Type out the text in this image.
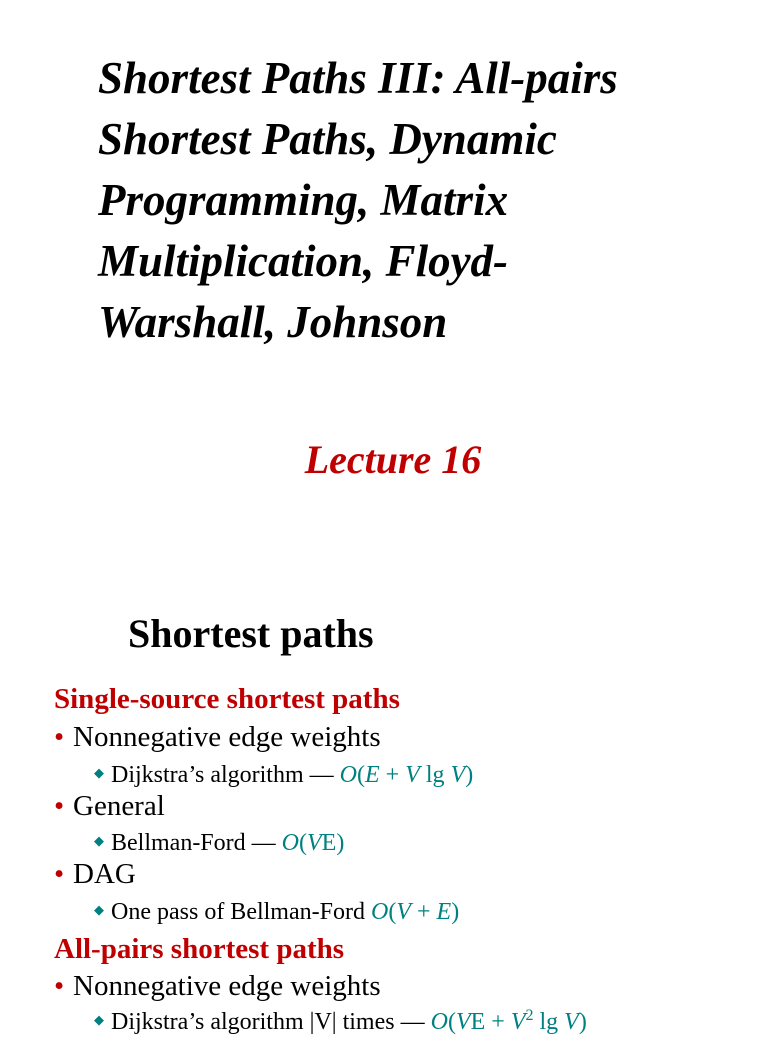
Shortest Paths III: All-pairs
Shortest Paths, Dynamic
Programming, Matrix
Multiplication, Floyd-
Warshall, Johnson
Lecture 16
Shortest paths
Single-source shortest paths
• Nonnegative edge weights
◆ Dijkstra’s algorithm — O(E + V lg V)
• General
◆ Bellman-Ford — O(VE)
• DAG
◆ One pass of Bellman-Ford O(V + E)
All-pairs shortest paths
• Nonnegative edge weights
◆ Dijkstra’s algorithm |V| times — $O(VE + V^2$ lg V)
